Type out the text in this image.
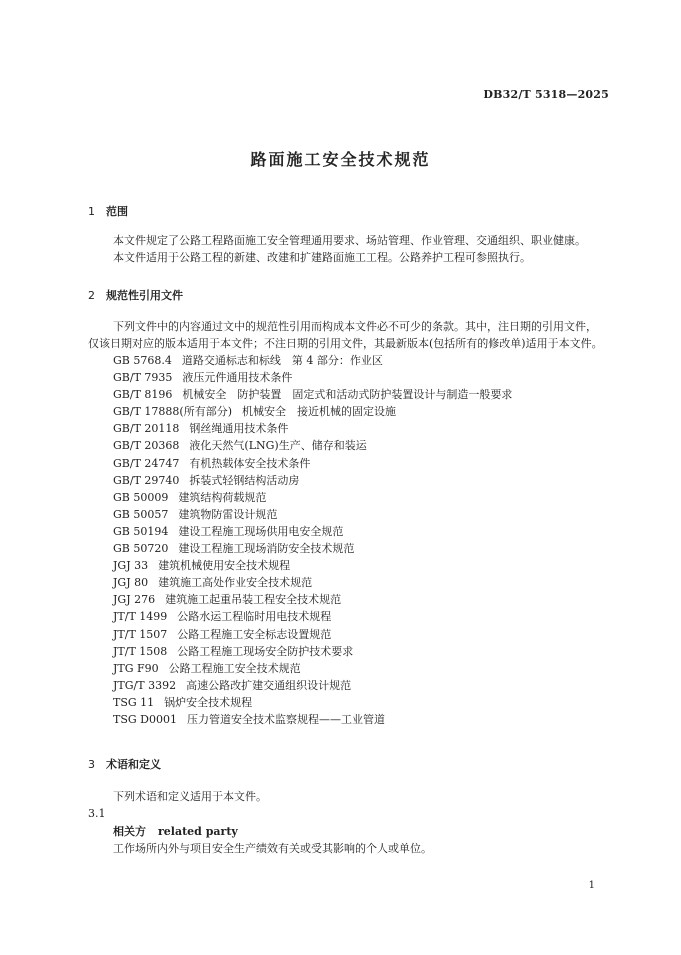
DB32/T 5318—2025
路面施工安全技术规范
1 范围
本文件规定了公路工程路面施工安全管理通用要求、场站管理、作业管理、交通组织、职业健康。
本文件适用于公路工程的新建、改建和扩建路面施工工程。公路养护工程可参照执行。
2 规范性引用文件
下列文件中的内容通过文中的规范性引用而构成本文件必不可少的条款。其中，注日期的引用文件，
仅该日期对应的版本适用于本文件；不注日期的引用文件，其最新版本(包括所有的修改单)适用于本文件。
GB 5768.4 道路交通标志和标线　第 4 部分：作业区
GB/T 7935 液压元件通用技术条件
GB/T 8196 机械安全　防护装置　固定式和活动式防护装置设计与制造一般要求
GB/T 17888(所有部分) 机械安全　接近机械的固定设施
GB/T 20118 钢丝绳通用技术条件
GB/T 20368 液化天然气(LNG)生产、储存和装运
GB/T 24747 有机热载体安全技术条件
GB/T 29740 拆装式轻钢结构活动房
GB 50009 建筑结构荷载规范
GB 50057 建筑物防雷设计规范
GB 50194 建设工程施工现场供用电安全规范
GB 50720 建设工程施工现场消防安全技术规范
JGJ 33 建筑机械使用安全技术规程
JGJ 80 建筑施工高处作业安全技术规范
JGJ 276 建筑施工起重吊装工程安全技术规范
JT/T 1499 公路水运工程临时用电技术规程
JT/T 1507 公路工程施工安全标志设置规范
JT/T 1508 公路工程施工现场安全防护技术要求
JTG F90 公路工程施工安全技术规范
JTG/T 3392 高速公路改扩建交通组织设计规范
TSG 11 锅炉安全技术规程
TSG D0001 压力管道安全技术监察规程——工业管道
3 术语和定义
下列术语和定义适用于本文件。
3.1
相关方 related party
工作场所内外与项目安全生产绩效有关或受其影响的个人或单位。
1
